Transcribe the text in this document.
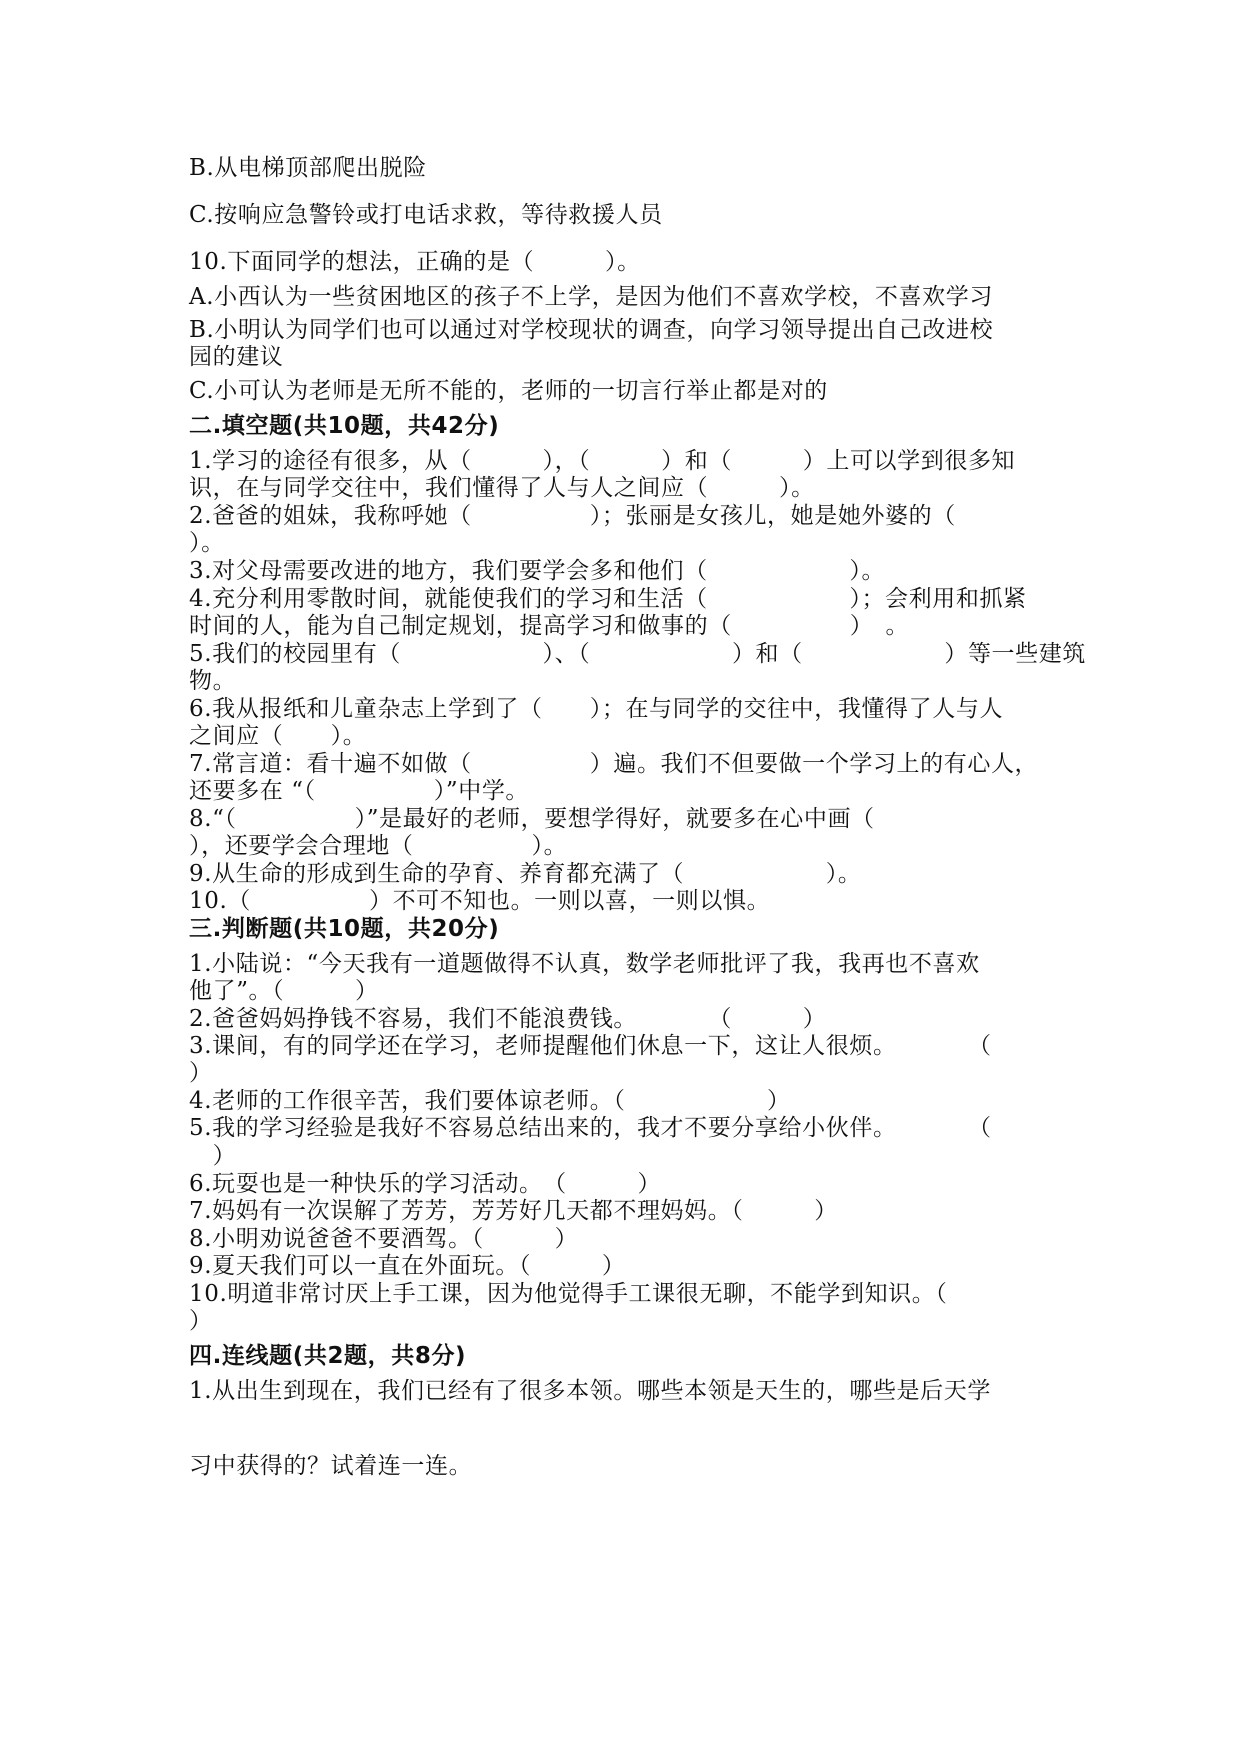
B.从电梯顶部爬出脱险
C.按响应急警铃或打电话求救，等待救援人员
10.下面同学的想法，正确的是（　　　）。
A.小西认为一些贫困地区的孩子不上学，是因为他们不喜欢学校，不喜欢学习
B.小明认为同学们也可以通过对学校现状的调查，向学习领导提出自己改进校
园的建议
C.小可认为老师是无所不能的，老师的一切言行举止都是对的
二.填空题(共10题，共42分)
1.学习的途径有很多，从（　　　），（　　　）和（　　　）上可以学到很多知
识，在与同学交往中，我们懂得了人与人之间应（　　　）。
2.爸爸的姐妹，我称呼她（　　　　　）；张丽是女孩儿，她是她外婆的（
）。
3.对父母需要改进的地方，我们要学会多和他们（　　　　　　）。
4.充分利用零散时间，就能使我们的学习和生活（　　　　　　）；会利用和抓紧
时间的人，能为自己制定规划，提高学习和做事的（　　　　　）　。
5.我们的校园里有（　　　　　　）、（　　　　　　）和（　　　　　　）等一些建筑
物。
6.我从报纸和儿童杂志上学到了（　　）；在与同学的交往中，我懂得了人与人
之间应（　　）。
7.常言道：看十遍不如做（　　　　　）遍。我们不但要做一个学习上的有心人，
还要多在 “（　　　　　）”中学。
8.“（　　　　　）”是最好的老师，要想学得好，就要多在心中画（
），还要学会合理地（　　　　　）。
9.从生命的形成到生命的孕育、养育都充满了（　　　　　　）。
10.（　　　　　）不可不知也。一则以喜，一则以惧。
三.判断题(共10题，共20分)
1.小陆说：“今天我有一道题做得不认真，数学老师批评了我，我再也不喜欢
他了”。（　　　）
2.爸爸妈妈挣钱不容易，我们不能浪费钱。　　　　（　　　）
3.课间，有的同学还在学习，老师提醒他们休息一下，这让人很烦。　　　　（
）
4.老师的工作很辛苦，我们要体谅老师。（　　　　　　）
5.我的学习经验是我好不容易总结出来的，我才不要分享给小伙伴。　　　　（
　）
6.玩耍也是一种快乐的学习活动。　（　　　）
7.妈妈有一次误解了芳芳，芳芳好几天都不理妈妈。（　　　）
8.小明劝说爸爸不要酒驾。（　　　）
9.夏天我们可以一直在外面玩。（　　　）
10.明道非常讨厌上手工课，因为他觉得手工课很无聊，不能学到知识。（
）
四.连线题(共2题，共8分)
1.从出生到现在，我们已经有了很多本领。哪些本领是天生的，哪些是后天学
习中获得的？试着连一连。
